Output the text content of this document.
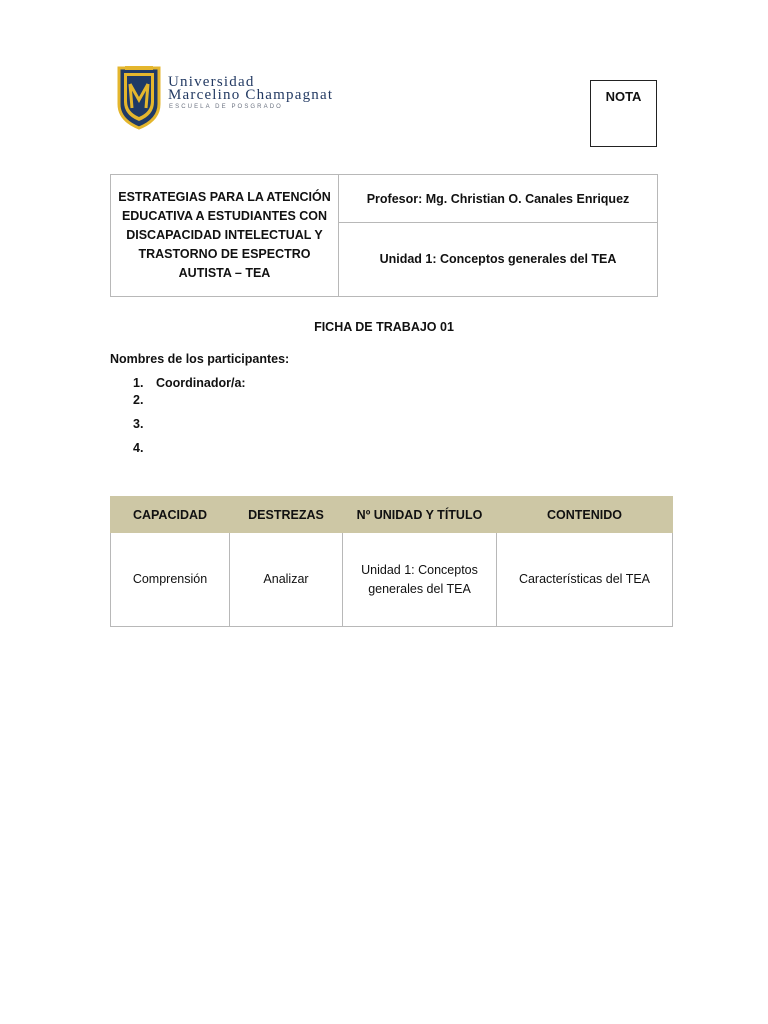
Universidad
Marcelino Champagnat
ESCUELA DE POSGRADO
NOTA
ESTRATEGIAS PARA LA ATENCIÓN EDUCATIVA A ESTUDIANTES CON DISCAPACIDAD INTELECTUAL Y TRASTORNO DE ESPECTRO AUTISTA – TEA
Profesor: Mg. Christian O. Canales Enriquez
Unidad 1: Conceptos generales del TEA
FICHA DE TRABAJO 01
Nombres de los participantes:
1. Coordinador/a:
2.
3.
4.
CAPACIDAD	DESTREZAS	Nº UNIDAD Y TÍTULO	CONTENIDO
Comprensión	Analizar	Unidad 1: Conceptos generales del TEA	Características del TEA
